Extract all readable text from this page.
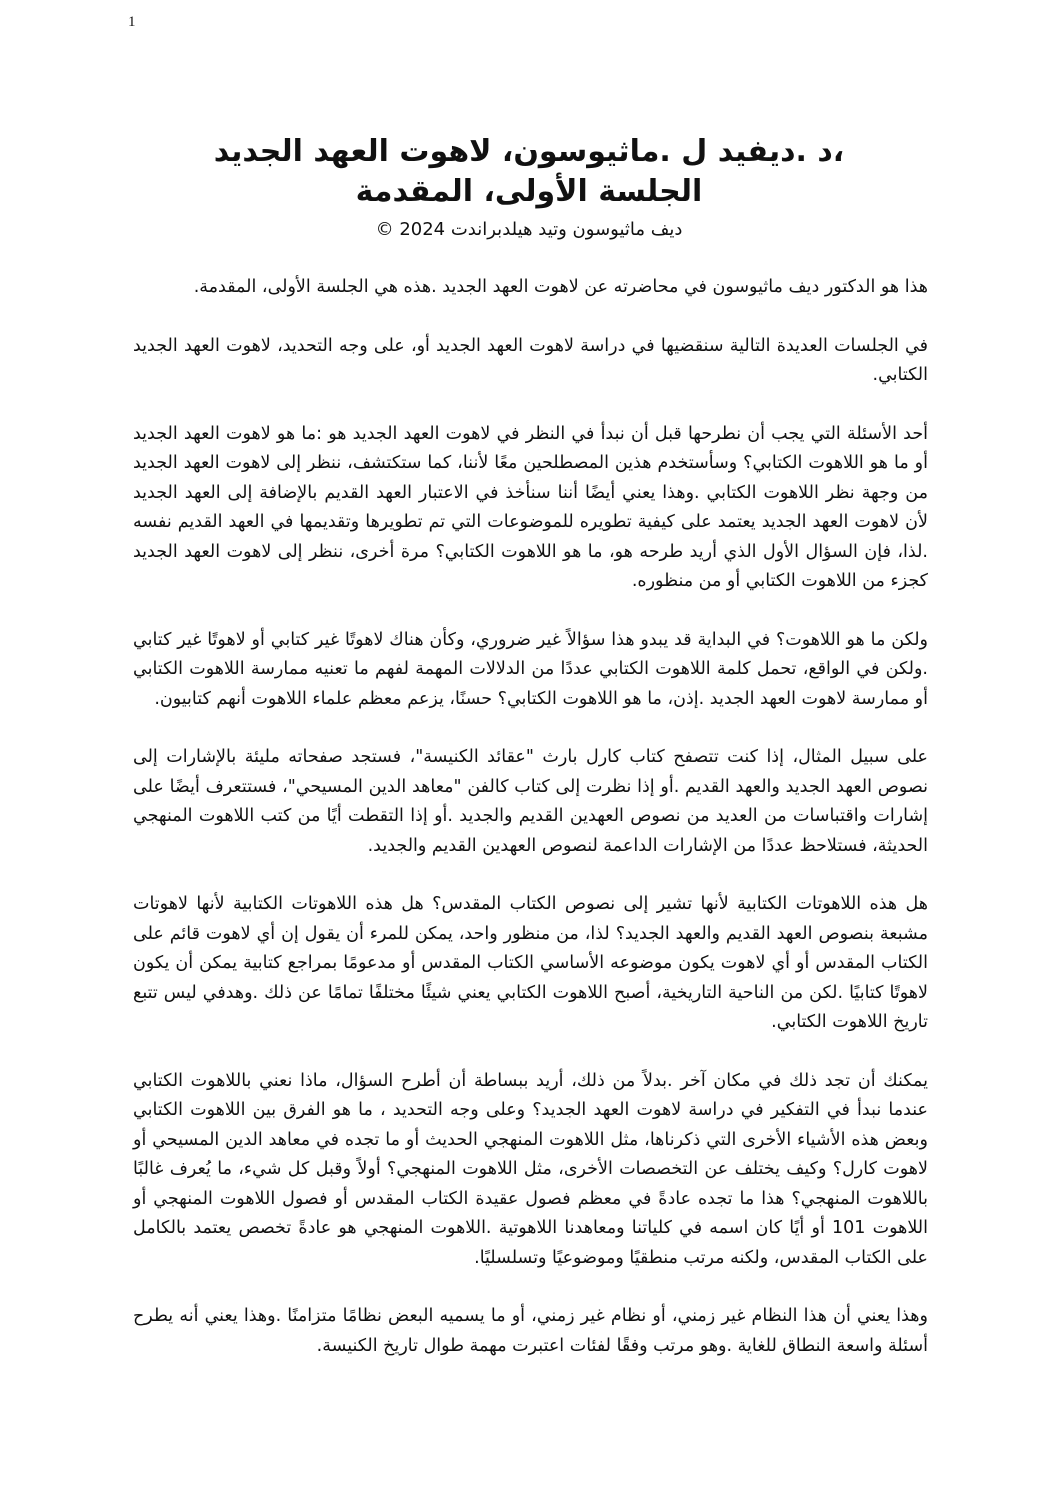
1
،د .ديفيد ل .ماثيوسون، لاهوت العهد الجديد
الجلسة الأولى، المقدمة
ديف ماثيوسون وتيد هيلدبراندت 2024 ©

هذا هو الدكتور ديف ماثيوسون في محاضرته عن لاهوت العهد الجديد .هذه هي الجلسة الأولى، المقدمة.

في الجلسات العديدة التالية سنقضيها في دراسة لاهوت العهد الجديد أو، على وجه التحديد، لاهوت العهد الجديد الكتابي.

أحد الأسئلة التي يجب أن نطرحها قبل أن نبدأ في النظر في لاهوت العهد الجديد هو :ما هو لاهوت العهد الجديد أو ما هو اللاهوت الكتابي؟ وسأستخدم هذين المصطلحين معًا لأننا، كما ستكتشف، ننظر إلى لاهوت العهد الجديد من وجهة نظر اللاهوت الكتابي .وهذا يعني أيضًا أننا سنأخذ في الاعتبار العهد القديم بالإضافة إلى العهد الجديد لأن لاهوت العهد الجديد يعتمد على كيفية تطويره للموضوعات التي تم تطويرها وتقديمها في العهد القديم نفسه .لذا، فإن السؤال الأول الذي أريد طرحه هو، ما هو اللاهوت الكتابي؟ مرة أخرى، ننظر إلى لاهوت العهد الجديد كجزء من اللاهوت الكتابي أو من منظوره.

ولكن ما هو اللاهوت؟ في البداية قد يبدو هذا سؤالاً غير ضروري، وكأن هناك لاهوتًا غير كتابي أو لاهوتًا غير كتابي .ولكن في الواقع، تحمل كلمة اللاهوت الكتابي عددًا من الدلالات المهمة لفهم ما تعنيه ممارسة اللاهوت الكتابي أو ممارسة لاهوت العهد الجديد .إذن، ما هو اللاهوت الكتابي؟ حسنًا، يزعم معظم علماء اللاهوت أنهم كتابيون.

على سبيل المثال، إذا كنت تتصفح كتاب كارل بارث "عقائد الكنيسة"، فستجد صفحاته مليئة بالإشارات إلى نصوص العهد الجديد والعهد القديم .أو إذا نظرت إلى كتاب كالفن "معاهد الدين المسيحي"، فستتعرف أيضًا على إشارات واقتباسات من العديد من نصوص العهدين القديم والجديد .أو إذا التقطت أيًا من كتب اللاهوت المنهجي الحديثة، فستلاحظ عددًا من الإشارات الداعمة لنصوص العهدين القديم والجديد.

هل هذه اللاهوتات الكتابية لأنها تشير إلى نصوص الكتاب المقدس؟ هل هذه اللاهوتات الكتابية لأنها لاهوتات مشبعة بنصوص العهد القديم والعهد الجديد؟ لذا، من منظور واحد، يمكن للمرء أن يقول إن أي لاهوت قائم على الكتاب المقدس أو أي لاهوت يكون موضوعه الأساسي الكتاب المقدس أو مدعومًا بمراجع كتابية يمكن أن يكون لاهوتًا كتابيًا .لكن من الناحية التاريخية، أصبح اللاهوت الكتابي يعني شيئًا مختلفًا تمامًا عن ذلك .وهدفي ليس تتبع تاريخ اللاهوت الكتابي.

يمكنك أن تجد ذلك في مكان آخر .بدلاً من ذلك، أريد ببساطة أن أطرح السؤال، ماذا نعني باللاهوت الكتابي عندما نبدأ في التفكير في دراسة لاهوت العهد الجديد؟ وعلى وجه التحديد ، ما هو الفرق بين اللاهوت الكتابي وبعض هذه الأشياء الأخرى التي ذكرناها، مثل اللاهوت المنهجي الحديث أو ما تجده في معاهد الدين المسيحي أو لاهوت كارل؟ وكيف يختلف عن التخصصات الأخرى، مثل اللاهوت المنهجي؟ أولاً وقبل كل شيء، ما يُعرف غالبًا باللاهوت المنهجي؟ هذا ما تجده عادةً في معظم فصول عقيدة الكتاب المقدس أو فصول اللاهوت المنهجي أو اللاهوت 101 أو أيًا كان اسمه في كلياتنا ومعاهدنا اللاهوتية .اللاهوت المنهجي هو عادةً تخصص يعتمد بالكامل على الكتاب المقدس، ولكنه مرتب منطقيًا وموضوعيًا وتسلسليًا.

وهذا يعني أن هذا النظام غير زمني، أو نظام غير زمني، أو ما يسميه البعض نظامًا متزامنًا .وهذا يعني أنه يطرح أسئلة واسعة النطاق للغاية .وهو مرتب وفقًا لفئات اعتبرت مهمة طوال تاريخ الكنيسة.
